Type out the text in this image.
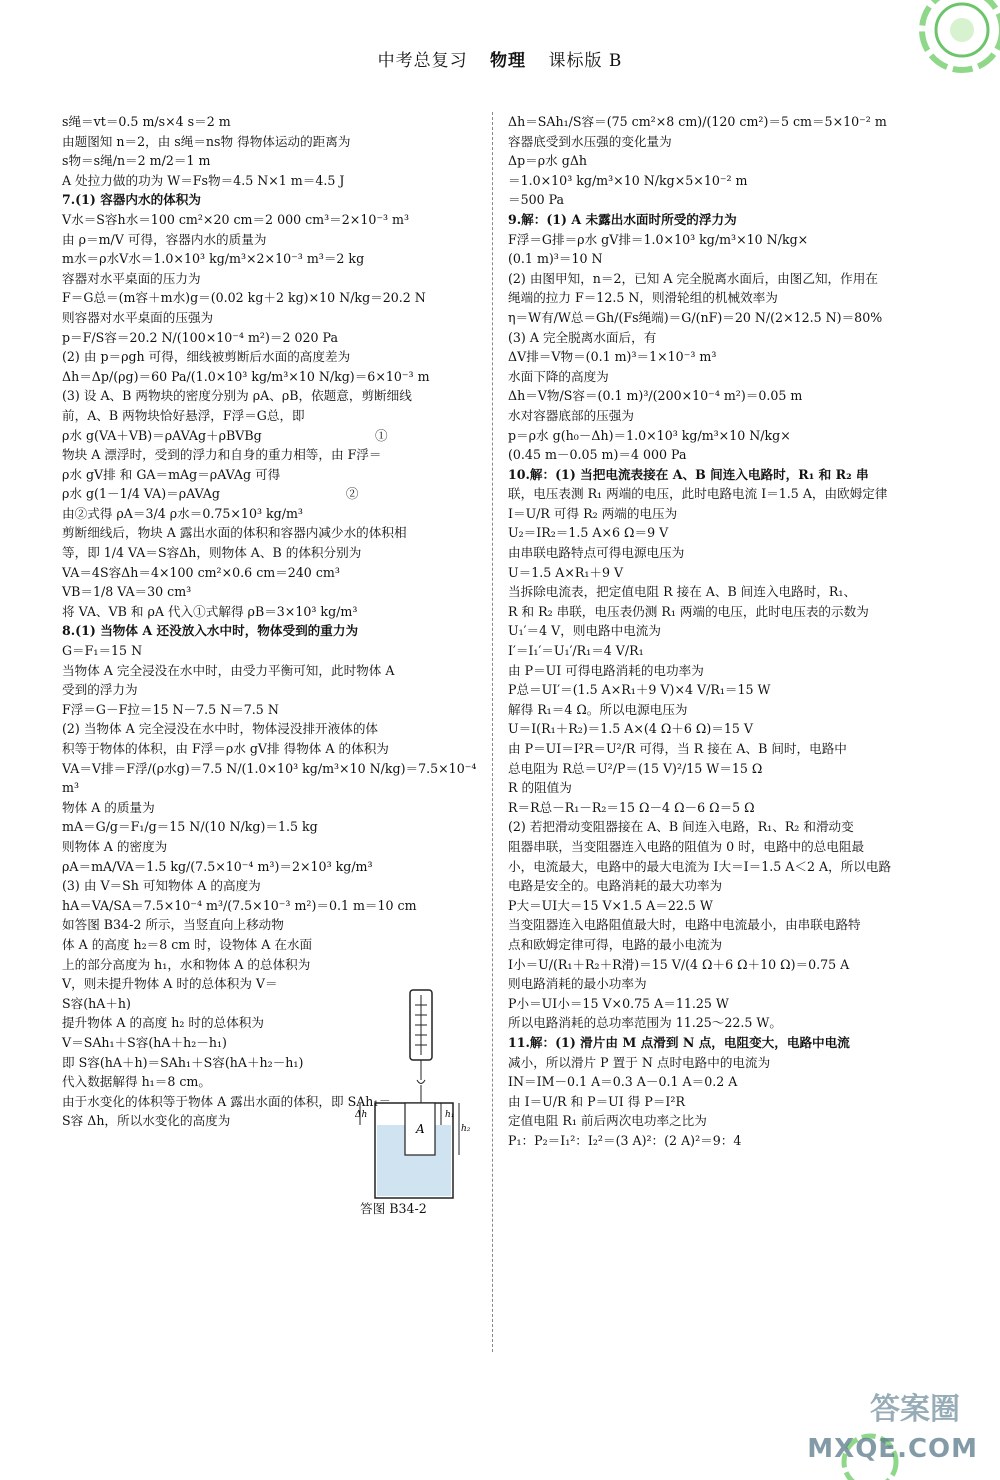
中考总复习 物理 课标版 B
s绳＝vt＝0.5 m/s×4 s＝2 m
由题图知 n＝2，由 s绳＝ns物 得物体运动的距离为
s物＝s绳/n＝2 m/2＝1 m
A 处拉力做的功为 W＝Fs物＝4.5 N×1 m＝4.5 J
7.(1) 容器内水的体积为
V水＝S容h水＝100 cm²×20 cm＝2 000 cm³＝2×10⁻³ m³
由 ρ＝m/V 可得，容器内水的质量为
m水＝ρ水V水＝1.0×10³ kg/m³×2×10⁻³ m³＝2 kg
容器对水平桌面的压力为
F＝G总＝(m容＋m水)g＝(0.02 kg＋2 kg)×10 N/kg＝20.2 N
则容器对水平桌面的压强为
p＝F/S容＝20.2 N/(100×10⁻⁴ m²)＝2 020 Pa
(2) 由 p＝ρgh 可得，细线被剪断后水面的高度差为
Δh＝Δp/(ρg)＝60 Pa/(1.0×10³ kg/m³×10 N/kg)＝6×10⁻³ m
(3) 设 A、B 两物块的密度分别为 ρA、ρB，依题意，剪断细线
前，A、B 两物块恰好悬浮，F浮＝G总，即
ρ水 g(VA＋VB)＝ρAVAg＋ρBVBg　　　　　　　　　①
物块 A 漂浮时，受到的浮力和自身的重力相等，由 F浮＝
ρ水 gV排 和 GA＝mAg＝ρAVAg 可得
ρ水 g(1－1/4 VA)＝ρAVAg　　　　　　　　　　②
由②式得 ρA＝3/4 ρ水＝0.75×10³ kg/m³
剪断细线后，物块 A 露出水面的体积和容器内减少水的体积相
等，即 1/4 VA＝S容Δh，则物体 A、B 的体积分别为
VA＝4S容Δh＝4×100 cm²×0.6 cm＝240 cm³
VB＝1/8 VA＝30 cm³
将 VA、VB 和 ρA 代入①式解得 ρB＝3×10³ kg/m³
8.(1) 当物体 A 还没放入水中时，物体受到的重力为
G＝F₁＝15 N
当物体 A 完全浸没在水中时，由受力平衡可知，此时物体 A
受到的浮力为
F浮＝G－F拉＝15 N－7.5 N＝7.5 N
(2) 当物体 A 完全浸没在水中时，物体浸没排开液体的体
积等于物体的体积，由 F浮＝ρ水 gV排 得物体 A 的体积为
VA＝V排＝F浮/(ρ水g)＝7.5 N/(1.0×10³ kg/m³×10 N/kg)＝7.5×10⁻⁴ m³
物体 A 的质量为
mA＝G/g＝F₁/g＝15 N/(10 N/kg)＝1.5 kg
则物体 A 的密度为
ρA＝mA/VA＝1.5 kg/(7.5×10⁻⁴ m³)＝2×10³ kg/m³
(3) 由 V＝Sh 可知物体 A 的高度为
hA＝VA/SA＝7.5×10⁻⁴ m³/(7.5×10⁻³ m²)＝0.1 m＝10 cm
如答图 B34-2 所示，当竖直向上移动物
体 A 的高度 h₂＝8 cm 时，设物体 A 在水面
上的部分高度为 h₁，水和物体 A 的总体积为
V，则未提升物体 A 时的总体积为 V＝
S容(hA＋h)
提升物体 A 的高度 h₂ 时的总体积为
V＝SAh₁＋S容(hA＋h₂－h₁)
即 S容(hA＋h)＝SAh₁＋S容(hA＋h₂－h₁)
代入数据解得 h₁＝8 cm。
由于水变化的体积等于物体 A 露出水面的体积，即 SAh₁＝
S容 Δh，所以水变化的高度为
Δh＝SAh₁/S容＝(75 cm²×8 cm)/(120 cm²)＝5 cm＝5×10⁻² m
容器底受到水压强的变化量为
Δp＝ρ水 gΔh
＝1.0×10³ kg/m³×10 N/kg×5×10⁻² m
＝500 Pa
9.解：(1) A 未露出水面时所受的浮力为
F浮＝G排＝ρ水 gV排＝1.0×10³ kg/m³×10 N/kg×
(0.1 m)³＝10 N
(2) 由图甲知，n＝2，已知 A 完全脱离水面后，由图乙知，作用在
绳端的拉力 F＝12.5 N，则滑轮组的机械效率为
η＝W有/W总＝Gh/(Fs绳端)＝G/(nF)＝20 N/(2×12.5 N)＝80%
(3) A 完全脱离水面后，有
ΔV排＝V物＝(0.1 m)³＝1×10⁻³ m³
水面下降的高度为
Δh＝V物/S容＝(0.1 m)³/(200×10⁻⁴ m²)＝0.05 m
水对容器底部的压强为
p＝ρ水 g(h₀－Δh)＝1.0×10³ kg/m³×10 N/kg×
(0.45 m－0.05 m)＝4 000 Pa
10.解：(1) 当把电流表接在 A、B 间连入电路时，R₁ 和 R₂ 串
联，电压表测 R₁ 两端的电压，此时电路电流 I＝1.5 A，由欧姆定律
I＝U/R 可得 R₂ 两端的电压为
U₂＝IR₂＝1.5 A×6 Ω＝9 V
由串联电路特点可得电源电压为
U＝1.5 A×R₁＋9 V
当拆除电流表，把定值电阻 R 接在 A、B 间连入电路时，R₁、
R 和 R₂ 串联，电压表仍测 R₁ 两端的电压，此时电压表的示数为
U₁′＝4 V，则电路中电流为
I′＝I₁′＝U₁′/R₁＝4 V/R₁
由 P＝UI 可得电路消耗的电功率为
P总＝UI′＝(1.5 A×R₁＋9 V)×4 V/R₁＝15 W
解得 R₁＝4 Ω。所以电源电压为
U＝I(R₁＋R₂)＝1.5 A×(4 Ω＋6 Ω)＝15 V
由 P＝UI＝I²R＝U²/R 可得，当 R 接在 A、B 间时，电路中
总电阻为 R总＝U²/P＝(15 V)²/15 W＝15 Ω
R 的阻值为
R＝R总－R₁－R₂＝15 Ω－4 Ω－6 Ω＝5 Ω
(2) 若把滑动变阻器接在 A、B 间连入电路，R₁、R₂ 和滑动变
阻器串联，当变阻器连入电路的阻值为 0 时，电路中的总电阻最
小，电流最大，电路中的最大电流为 I大＝I＝1.5 A＜2 A，所以电路
电路是安全的。电路消耗的最大功率为
P大＝UI大＝15 V×1.5 A＝22.5 W
当变阻器连入电路阻值最大时，电路中电流最小，由串联电路特
点和欧姆定律可得，电路的最小电流为
I小＝U/(R₁＋R₂＋R滑)＝15 V/(4 Ω＋6 Ω＋10 Ω)＝0.75 A
则电路消耗的最小功率为
P小＝UI小＝15 V×0.75 A＝11.25 W
所以电路消耗的总功率范围为 11.25～22.5 W。
11.解：(1) 滑片由 M 点滑到 N 点，电阻变大，电路中电流
减小，所以滑片 P 置于 N 点时电路中的电流为
IN＝IM－0.1 A＝0.3 A－0.1 A＝0.2 A
由 I＝U/R 和 P＝UI 得 P＝I²R
定值电阻 R₁ 前后两次电功率之比为
P₁：P₂＝I₁²：I₂²＝(3 A)²：(2 A)²＝9：4
A
Δh	h₁
h₂
答图 B34-2
答案圈
MXQE.COM
